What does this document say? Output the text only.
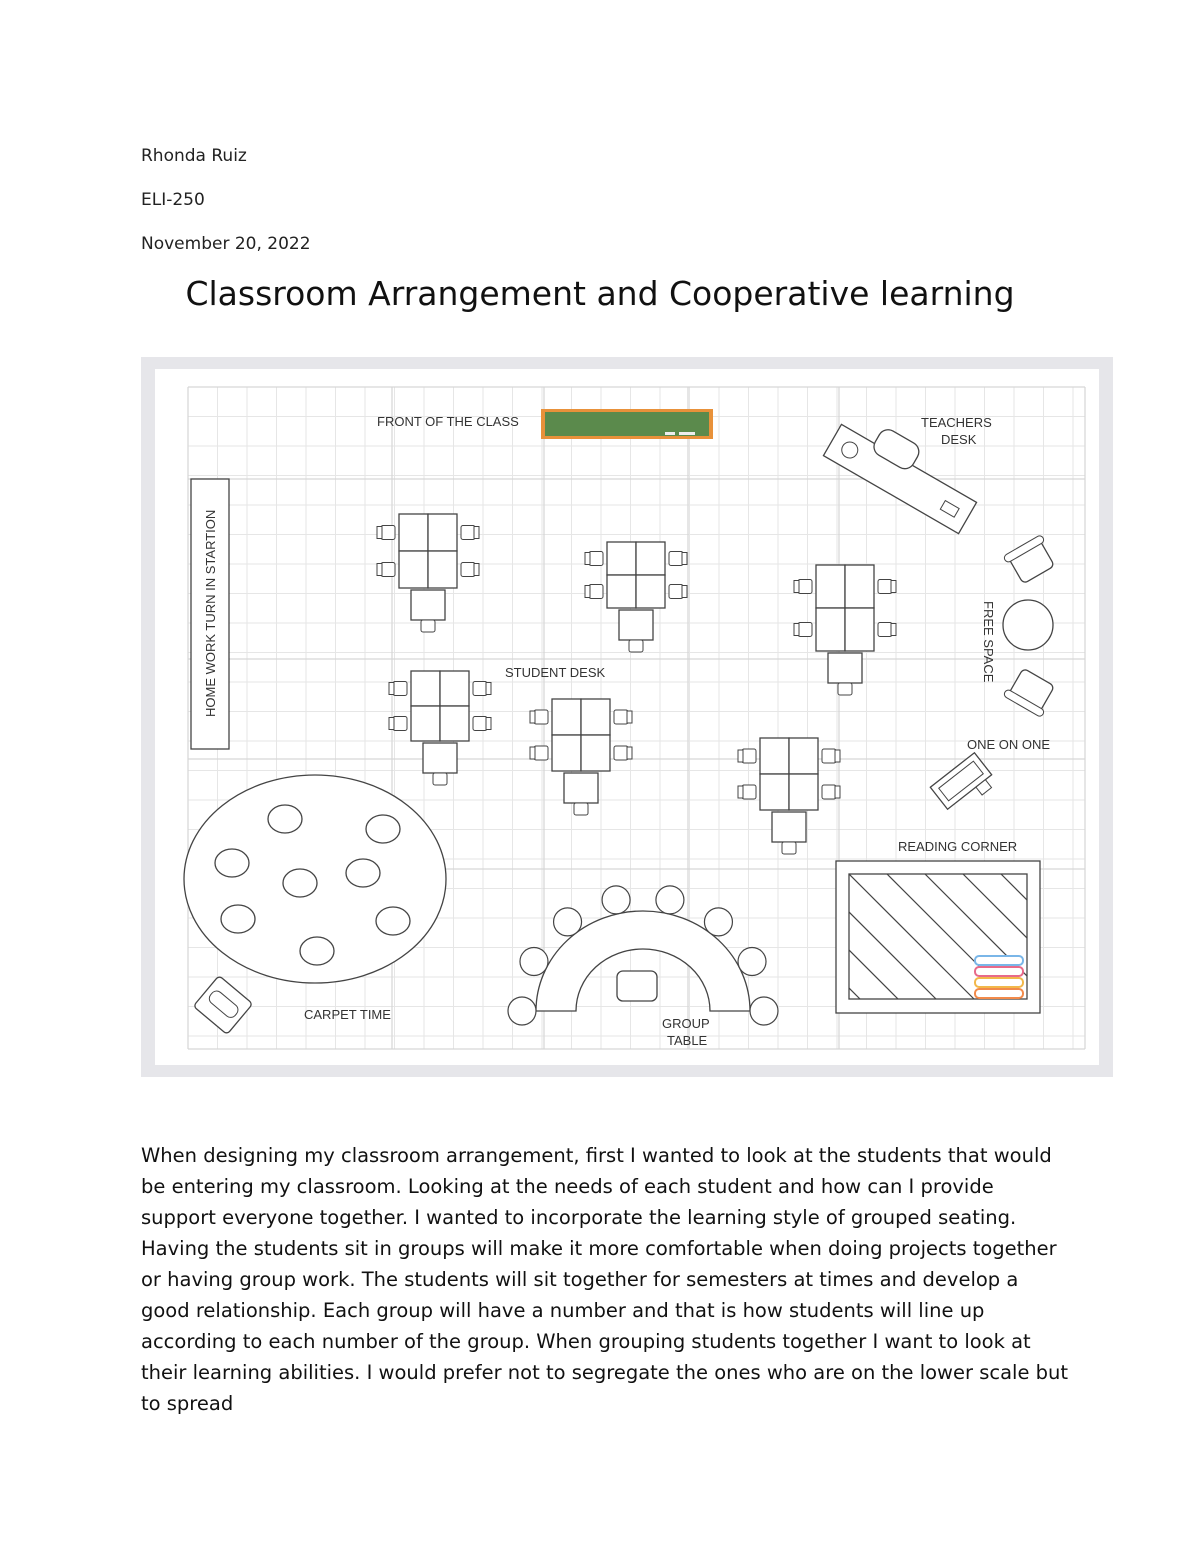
Rhonda Ruiz
ELI-250
November 20, 2022
Classroom Arrangement and Cooperative learning
FRONT OF THE CLASS	TEACHERS
DESK
HOME WORK TURN IN STARTION	STUDENT DESK	FREE SPACE
ONE ON ONE
READING CORNER
CARPET TIME
GROUP
TABLE
When designing my classroom arrangement, first I wanted to look at the students that would be entering my classroom. Looking at the needs of each student and how can I provide support everyone together. I wanted to incorporate the learning style of grouped seating. Having the students sit in groups will make it more comfortable when doing projects together or having group work. The students will sit together for semesters at times and develop a good relationship. Each group will have a number and that is how students will line up according to each number of the group. When grouping students together I want to look at their learning abilities. I would prefer not to segregate the ones who are on the lower scale but to spread
